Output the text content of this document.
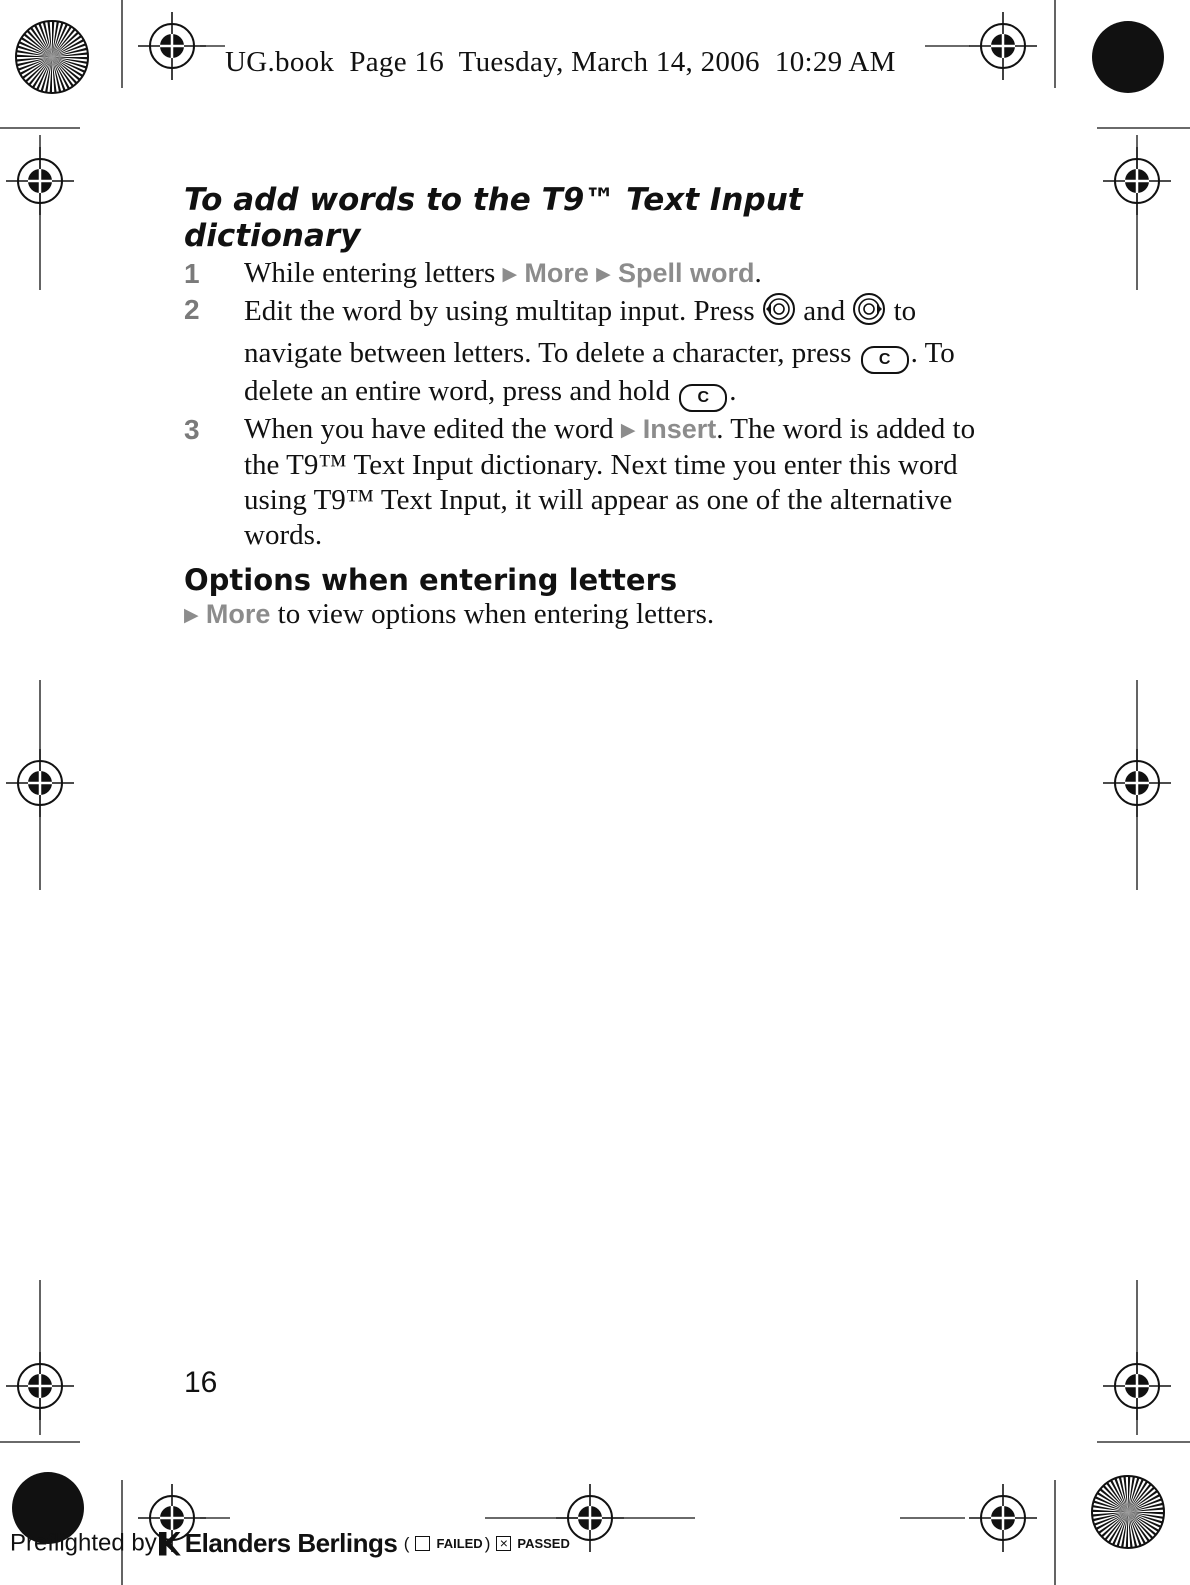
UG.book  Page 16  Tuesday, March 14, 2006  10:29 AM
To add words to the T9™ Text Input
dictionary
1	While entering letters ▶ More ▶ Spell word.
2	Edit the word by using multitap input. Press  and  to navigate between letters. To delete a character, press C . To delete an entire word, press and hold C .
3	When you have edited the word ▶ Insert. The word is added to the T9™ Text Input dictionary. Next time you enter this word using T9™ Text Input, it will appear as one of the alternative words.
Options when entering letters
▶ More to view options when entering letters.
16
Preflighted by Elanders Berlings ( FAILED ) × PASSED
